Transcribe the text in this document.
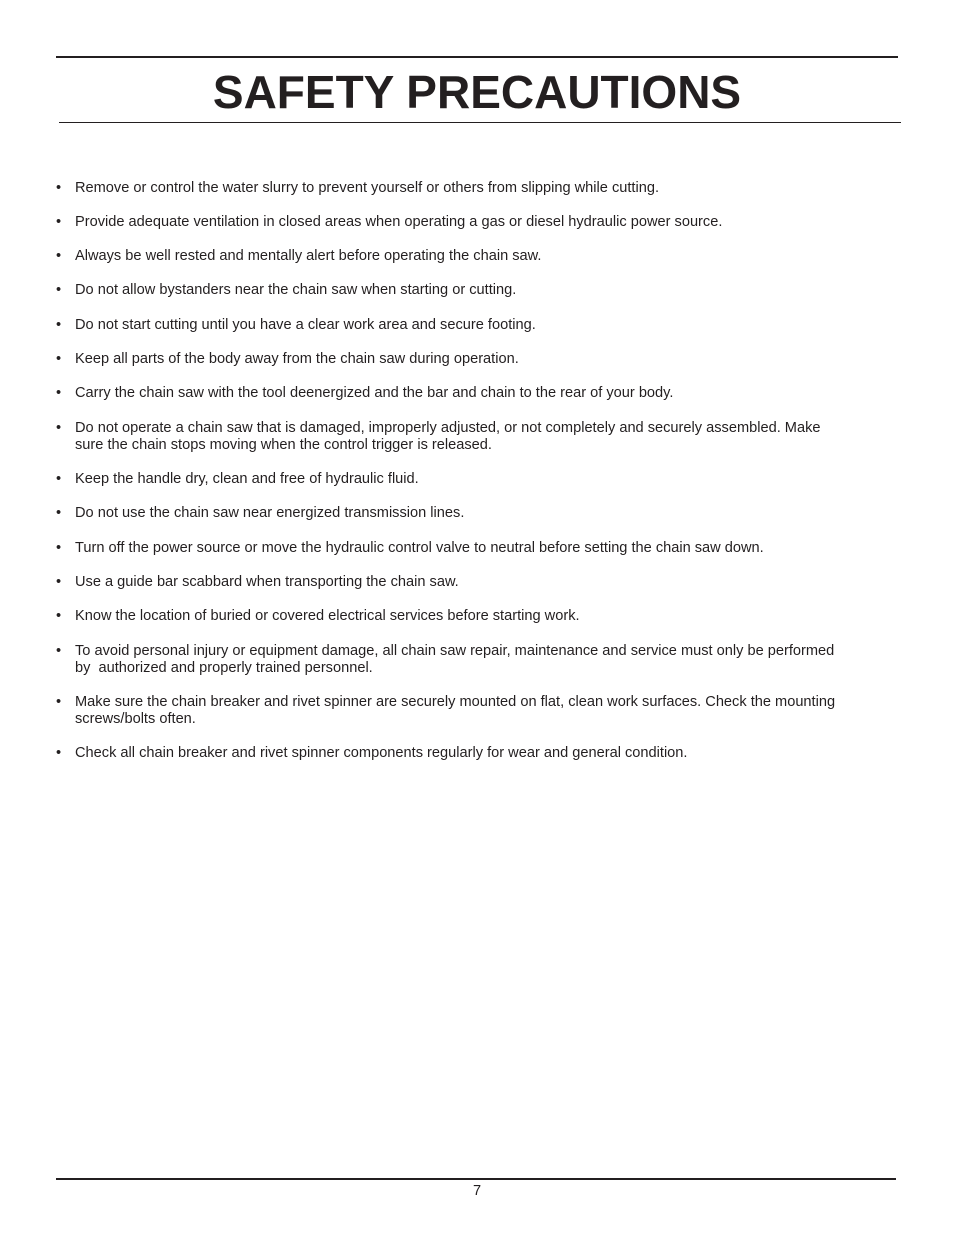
SAFETY PRECAUTIONS
• Remove or control the water slurry to prevent yourself or others from slipping while cutting.
• Provide adequate ventilation in closed areas when operating a gas or diesel hydraulic power source.
• Always be well rested and mentally alert before operating the chain saw.
• Do not allow bystanders near the chain saw when starting or cutting.
• Do not start cutting until you have a clear work area and secure footing.
• Keep all parts of the body away from the chain saw during operation.
• Carry the chain saw with the tool deenergized and the bar and chain to the rear of your body.
• Do not operate a chain saw that is damaged, improperly adjusted, or not completely and securely assembled. Make
sure the chain stops moving when the control trigger is released.
• Keep the handle dry, clean and free of hydraulic fluid.
• Do not use the chain saw near energized transmission lines.
• Turn off the power source or move the hydraulic control valve to neutral before setting the chain saw down.
• Use a guide bar scabbard when transporting the chain saw.
• Know the location of buried or covered electrical services before starting work.
• To avoid personal injury or equipment damage, all chain saw repair, maintenance and service must only be performed
by  authorized and properly trained personnel.
• Make sure the chain breaker and rivet spinner are securely mounted on flat, clean work surfaces. Check the mounting
screws/bolts often.
• Check all chain breaker and rivet spinner components regularly for wear and general condition.
7
